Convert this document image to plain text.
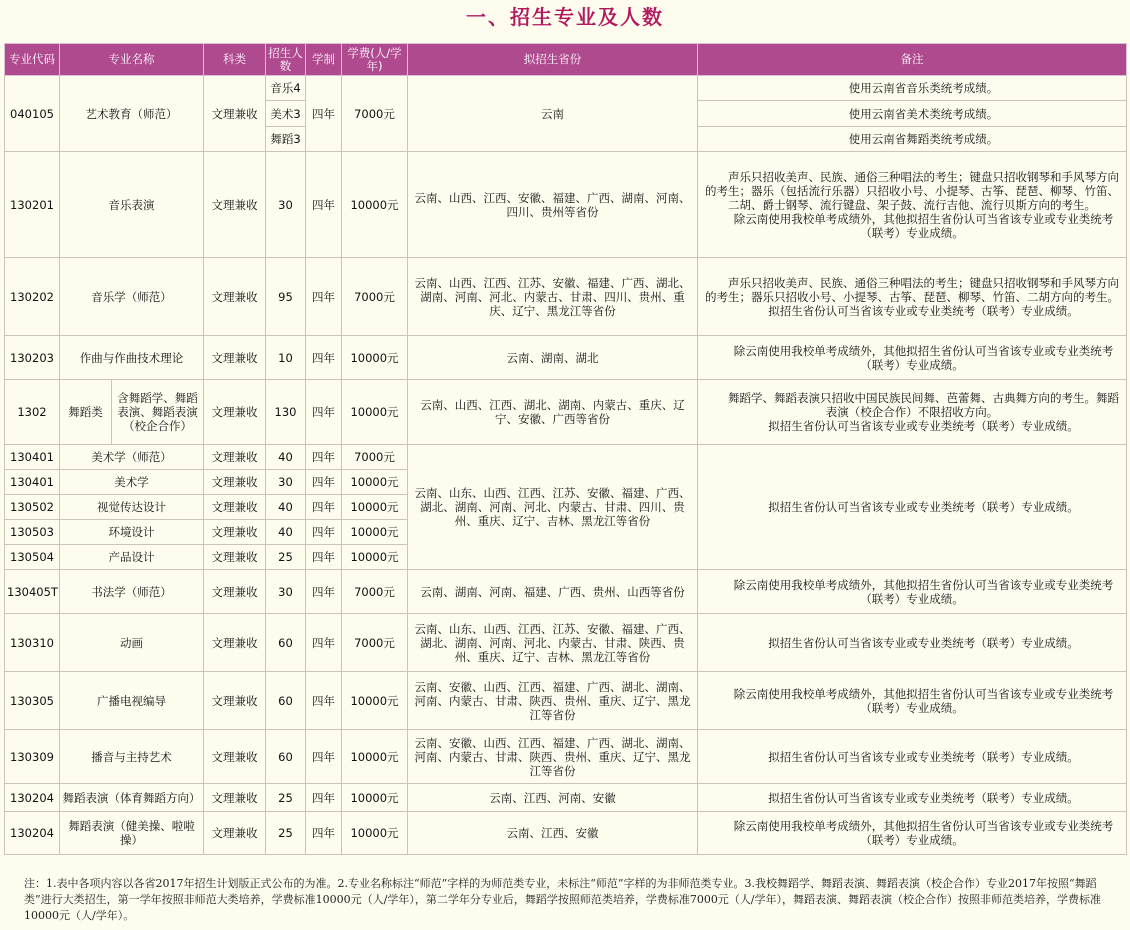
一、招生专业及人数
专业代码	专业名称		科类	招生人数	学制	学费(人/学年)	拟招生省份	备注
040105	艺术教育（师范）		文理兼收	音乐4	四年	7000元	云南	使用云南省音乐类统考成绩。

				美术3				使用云南省美术类统考成绩。

				舞蹈3				使用云南省舞蹈类统考成绩。

130201	音乐表演		文理兼收	30	四年	10000元	云南、山西、江西、安徽、福建、广西、湖南、河南、四川、贵州等省份	声乐只招收美声、民族、通俗三种唱法的考生；键盘只招收钢琴和手风琴方向的考生；器乐（包括流行乐器）只招收小号、小提琴、古筝、琵琶、柳琴、竹笛、二胡、爵士钢琴、流行键盘、架子鼓、流行吉他、流行贝斯方向的考生。

除云南使用我校单考成绩外，其他拟招生省份认可当省该专业或专业类统考（联考）专业成绩。

130202	音乐学（师范）		文理兼收	95	四年	7000元	云南、山西、江西、江苏、安徽、福建、广西、湖北、湖南、河南、河北、内蒙古、甘肃、四川、贵州、重庆、辽宁、黑龙江等省份	声乐只招收美声、民族、通俗三种唱法的考生；键盘只招收钢琴和手风琴方向的考生；器乐只招收小号、小提琴、古筝、琵琶、柳琴、竹笛、二胡方向的考生。

拟招生省份认可当省该专业或专业类统考（联考）专业成绩。

130203	作曲与作曲技术理论		文理兼收	10	四年	10000元	云南、湖南、湖北	除云南使用我校单考成绩外，其他拟招生省份认可当省该专业或专业类统考（联考）专业成绩。

1302	舞蹈类	含舞蹈学、舞蹈表演、舞蹈表演（校企合作）	文理兼收	130	四年	10000元	云南、山西、江西、湖北、湖南、内蒙古、重庆、辽宁、安徽、广西等省份	舞蹈学、舞蹈表演只招收中国民族民间舞、芭蕾舞、古典舞方向的考生。舞蹈表演（校企合作）不限招收方向。

拟招生省份认可当省该专业或专业类统考（联考）专业成绩。

130401	美术学（师范）		文理兼收	40	四年	7000元	云南、山东、山西、江西、江苏、安徽、福建、广西、湖北、湖南、河南、河北、内蒙古、甘肃、四川、贵州、重庆、辽宁、吉林、黑龙江等省份	拟招生省份认可当省该专业或专业类统考（联考）专业成绩。

130401	美术学		文理兼收	30	四年	10000元		
130502	视觉传达设计		文理兼收	40	四年	10000元		
130503	环境设计		文理兼收	40	四年	10000元		
130504	产品设计		文理兼收	25	四年	10000元		
130405T	书法学（师范）		文理兼收	30	四年	7000元	云南、湖南、河南、福建、广西、贵州、山西等省份	除云南使用我校单考成绩外，其他拟招生省份认可当省该专业或专业类统考（联考）专业成绩。

130310	动画		文理兼收	60	四年	7000元	云南、山东、山西、江西、江苏、安徽、福建、广西、湖北、湖南、河南、河北、内蒙古、甘肃、陕西、贵州、重庆、辽宁、吉林、黑龙江等省份	拟招生省份认可当省该专业或专业类统考（联考）专业成绩。

130305	广播电视编导		文理兼收	60	四年	10000元	云南、安徽、山西、江西、福建、广西、湖北、湖南、河南、内蒙古、甘肃、陕西、贵州、重庆、辽宁、黑龙江等省份	除云南使用我校单考成绩外，其他拟招生省份认可当省该专业或专业类统考（联考）专业成绩。

130309	播音与主持艺术		文理兼收	60	四年	10000元	云南、安徽、山西、江西、福建、广西、湖北、湖南、河南、内蒙古、甘肃、陕西、贵州、重庆、辽宁、黑龙江等省份	拟招生省份认可当省该专业或专业类统考（联考）专业成绩。

130204	舞蹈表演（体育舞蹈方向）		文理兼收	25	四年	10000元	云南、江西、河南、安徽	拟招生省份认可当省该专业或专业类统考（联考）专业成绩。

130204	舞蹈表演（健美操、啦啦操）		文理兼收	25	四年	10000元	云南、江西、安徽	除云南使用我校单考成绩外，其他拟招生省份认可当省该专业或专业类统考（联考）专业成绩。

注：1.表中各项内容以各省2017年招生计划版正式公布的为准。2.专业名称标注“师范”字样的为师范类专业，未标注“师范”字样的为非师范类专业。3.我校舞蹈学、舞蹈表演、舞蹈表演（校企合作）专业2017年按照“舞蹈类”进行大类招生，第一学年按照非师范大类培养，学费标准10000元（人/学年），第二学年分专业后，舞蹈学按照师范类培养，学费标准7000元（人/学年），舞蹈表演、舞蹈表演（校企合作）按照非师范类培养，学费标准10000元（人/学年）。
